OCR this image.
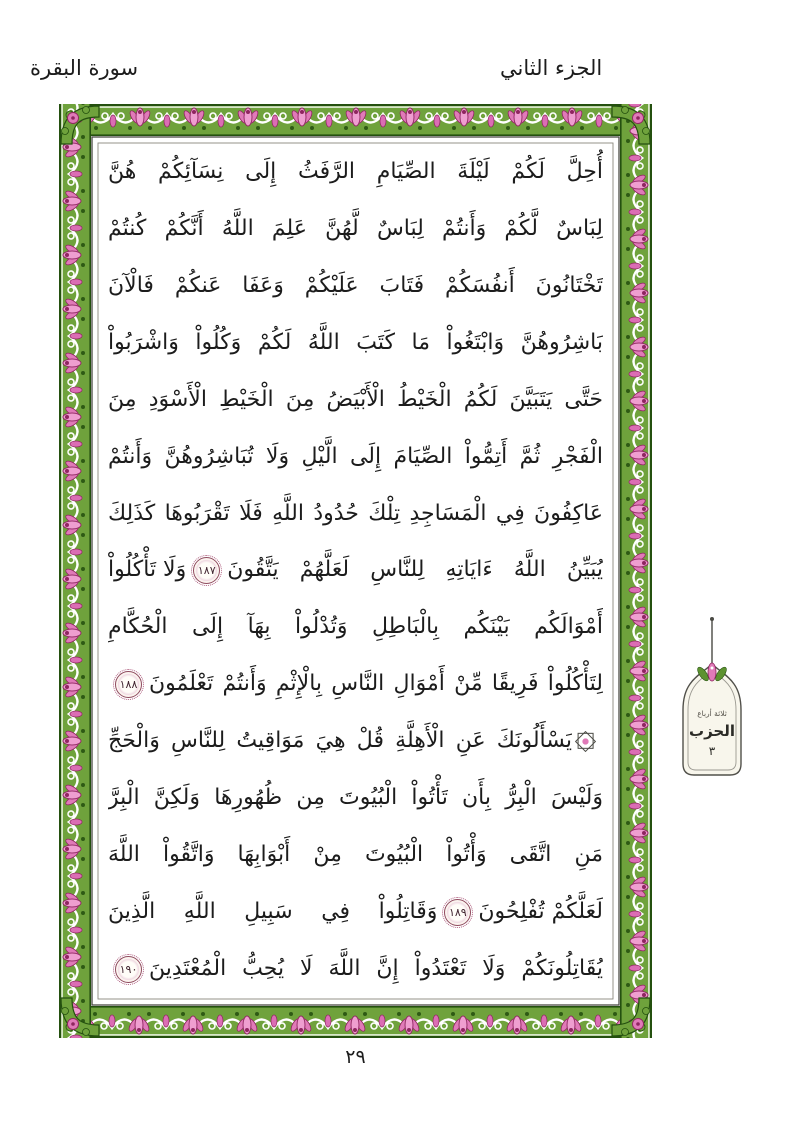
الجزء الثاني
سورة البقرة
أُحِلَّ لَكُمْ لَيْلَةَ الصِّيَامِ الرَّفَثُ إِلَى نِسَآئِكُمْ هُنَّ
لِبَاسٌ لَّكُمْ وَأَنتُمْ لِبَاسٌ لَّهُنَّ عَلِمَ اللَّهُ أَنَّكُمْ كُنتُمْ
تَخْتَانُونَ أَنفُسَكُمْ فَتَابَ عَلَيْكُمْ وَعَفَا عَنكُمْ فَالْآنَ
بَاشِرُوهُنَّ وَابْتَغُواْ مَا كَتَبَ اللَّهُ لَكُمْ وَكُلُواْ وَاشْرَبُواْ
حَتَّى يَتَبَيَّنَ لَكُمُ الْخَيْطُ الْأَبْيَضُ مِنَ الْخَيْطِ الْأَسْوَدِ مِنَ
الْفَجْرِ ثُمَّ أَتِمُّواْ الصِّيَامَ إِلَى الَّيْلِ وَلَا تُبَاشِرُوهُنَّ وَأَنتُمْ
عَاكِفُونَ فِي الْمَسَاجِدِ تِلْكَ حُدُودُ اللَّهِ فَلَا تَقْرَبُوهَا كَذَلِكَ
يُبَيِّنُ اللَّهُ ءَايَاتِهِ لِلنَّاسِ لَعَلَّهُمْ يَتَّقُونَ
١٨٧
وَلَا تَأْكُلُواْ
أَمْوَالَكُم بَيْنَكُم بِالْبَاطِلِ وَتُدْلُواْ بِهَآ إِلَى الْحُكَّامِ
لِتَأْكُلُواْ فَرِيقًا مِّنْ أَمْوَالِ النَّاسِ بِالْإِثْمِ وَأَنتُمْ تَعْلَمُونَ
١٨٨
يَسْأَلُونَكَ عَنِ الْأَهِلَّةِ قُلْ هِيَ مَوَاقِيتُ لِلنَّاسِ وَالْحَجِّ
وَلَيْسَ الْبِرُّ بِأَن تَأْتُواْ الْبُيُوتَ مِن ظُهُورِهَا وَلَكِنَّ الْبِرَّ
مَنِ اتَّقَى وَأْتُواْ الْبُيُوتَ مِنْ أَبْوَابِهَا وَاتَّقُواْ اللَّهَ
لَعَلَّكُمْ تُفْلِحُونَ
١٨٩
وَقَاتِلُواْ فِي سَبِيلِ اللَّهِ الَّذِينَ
يُقَاتِلُونَكُمْ وَلَا تَعْتَدُواْ إِنَّ اللَّهَ لَا يُحِبُّ الْمُعْتَدِينَ
١٩٠
ثلاثة أرباع
الحزب
٣
٢٩
